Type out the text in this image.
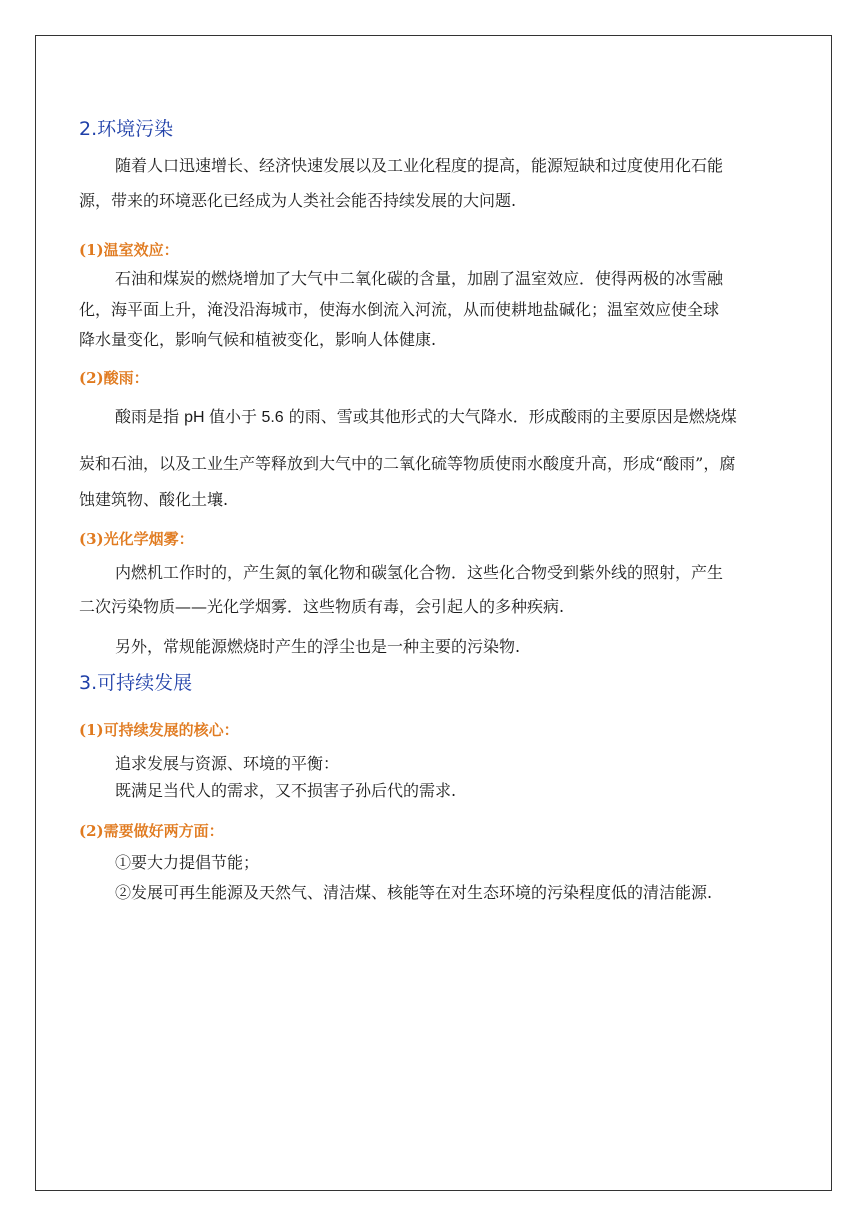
2.环境污染
随着人口迅速增长、经济快速发展以及工业化程度的提高，能源短缺和过度使用化石能
源，带来的环境恶化已经成为人类社会能否持续发展的大问题.
(1)温室效应：
石油和煤炭的燃烧增加了大气中二氧化碳的含量，加剧了温室效应．使得两极的冰雪融
化，海平面上升，淹没沿海城市，使海水倒流入河流，从而使耕地盐碱化；温室效应使全球
降水量变化，影响气候和植被变化，影响人体健康.
(2)酸雨：
酸雨是指 pH 值小于 5.6 的雨、雪或其他形式的大气降水．形成酸雨的主要原因是燃烧煤
炭和石油，以及工业生产等释放到大气中的二氧化硫等物质使雨水酸度升高，形成“酸雨”，腐
蚀建筑物、酸化土壤.
(3)光化学烟雾：
内燃机工作时的，产生氮的氧化物和碳氢化合物．这些化合物受到紫外线的照射，产生
二次污染物质——光化学烟雾．这些物质有毒，会引起人的多种疾病.
另外，常规能源燃烧时产生的浮尘也是一种主要的污染物.
3.可持续发展
(1)可持续发展的核心：
追求发展与资源、环境的平衡：
既满足当代人的需求，又不损害子孙后代的需求.
(2)需要做好两方面：
①要大力提倡节能；
②发展可再生能源及天然气、清洁煤、核能等在对生态环境的污染程度低的清洁能源.
